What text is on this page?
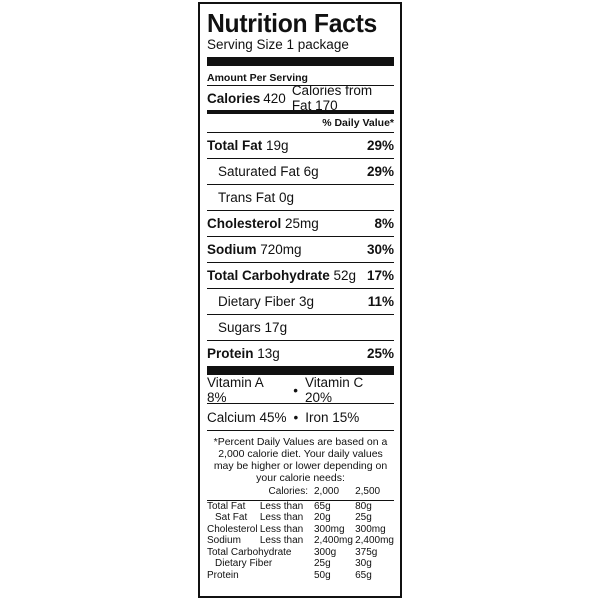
Nutrition Facts
Serving Size 1 package
Amount Per Serving
Calories 420 Calories from Fat 170
% Daily Value*
Total Fat 19g	29%
Saturated Fat 6g	29%
Trans Fat 0g
Cholesterol 25mg	8%
Sodium 720mg	30%
Total Carbohydrate 52g 17%
Dietary Fiber 3g	11%
Sugars 17g
Protein 13g	25%
Vitamin A 8%	• Vitamin C 20%
Calcium 45% • Iron 15%
*Percent Daily Values are based on a 2,000 calorie diet. Your daily values may be higher or lower depending on your calorie needs:
	Calories:	2,000	2,500
Total Fat	Less than	65g	80g
Sat Fat	Less than	20g	25g
Cholesterol	Less than	300mg	300mg
Sodium	Less than	2,400mg	2,400mg
Total Carbohydrate		300g	375g
Dietary Fiber		25g	30g
Protein		50g	65g
